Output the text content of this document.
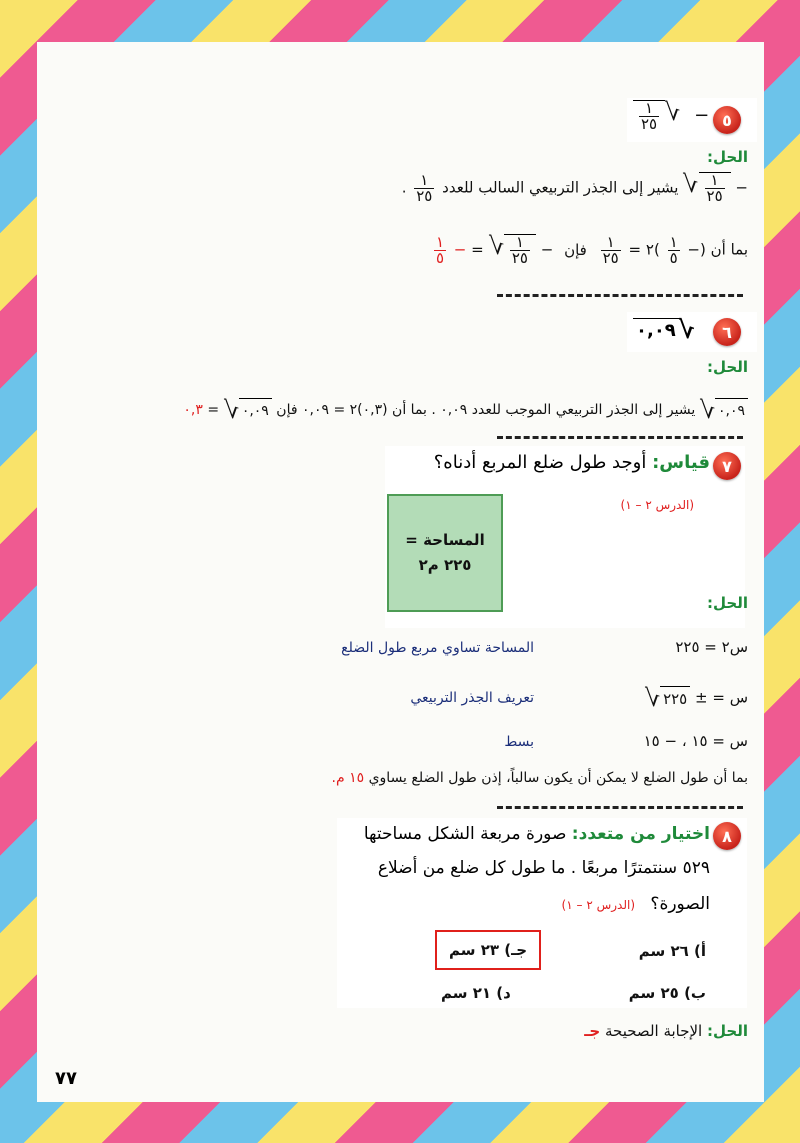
٥
$\frac{١}{٢٥}$ √ −
الحل:
−
$\frac{١}{٢٥}$
√
يشير إلى الجذر التربيعي السالب للعدد
$\frac{١}{٢٥}$
.
بما أن (−
$\frac{١}{٥}$
)٢ =
$\frac{١}{٢٥}$
فإن −
$\frac{١}{٢٥}$
√
= −
$\frac{١}{٥}$
٦
٠,٠٩ √
الحل:
٠,٠٩
√
يشير إلى الجذر التربيعي الموجب للعدد ٠,٠٩ . بما أن (٠,٣)٢ = ٠,٠٩ فإن
٠,٠٩
√
= ٠,٣
٧
قياس: أوجد طول ضلع المربع أدناه؟
(الدرس ٢ – ١)
المساحة =
٢٢٥ م٢
الحل:
س٢ = ٢٢٥
المساحة تساوي مربع طول الضلع
س = ±
٢٢٥
√
تعريف الجذر التربيعي
س = ١٥ ، − ١٥
بسط
بما أن طول الضلع لا يمكن أن يكون سالباً، إذن طول الضلع يساوي ١٥ م.
٨
اختيار من متعدد: صورة مربعة الشكل مساحتها
٥٢٩ سنتمترًا مربعًا . ما طول كل ضلع من أضلاع
الصورة؟ (الدرس ٢ – ١)
أ) ٢٦ سم
جـ)

٢٣ سم
ب) ٢٥ سم
د) ٢١ سم
الحل: الإجابة الصحيحة جـ
٧٧
